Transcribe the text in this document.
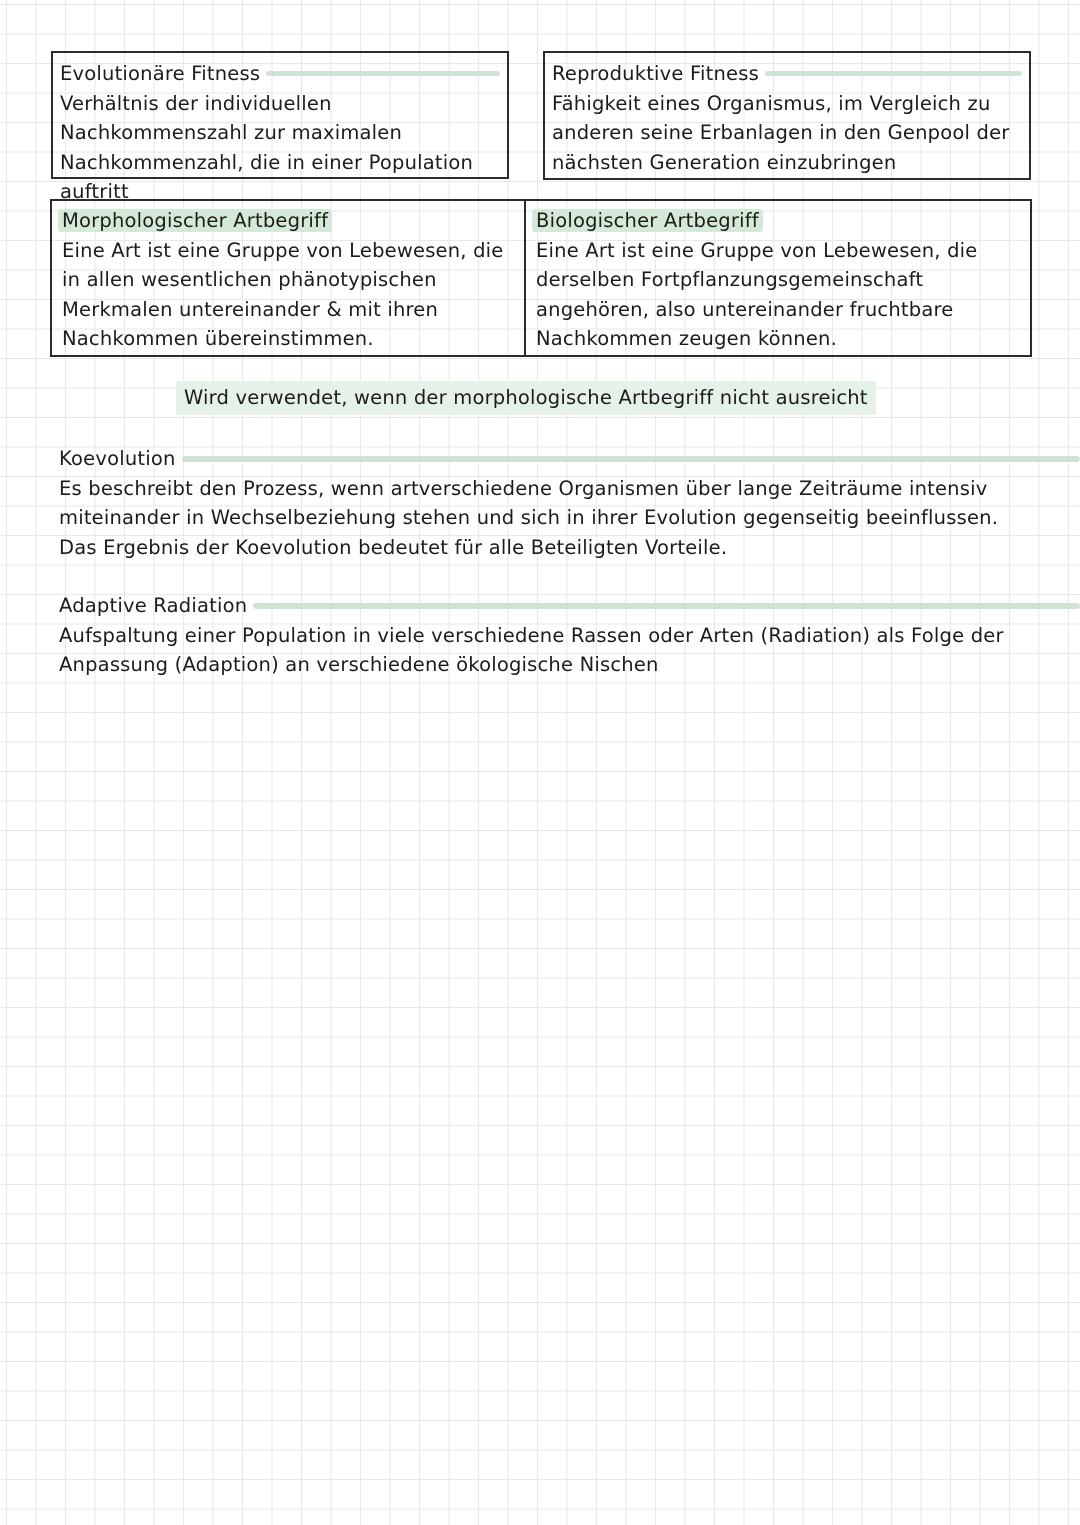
Evolutionäre Fitness
Verhältnis der individuellen Nachkommenszahl zur maximalen Nachkommenzahl, die in einer Population auftritt
Reproduktive Fitness
Fähigkeit eines Organismus, im Vergleich zu anderen seine Erbanlagen in den Genpool der nächsten Generation einzubringen
Morphologischer Artbegriff
Eine Art ist eine Gruppe von Lebewesen, die in allen wesentlichen phänotypischen Merkmalen untereinander & mit ihren Nachkommen übereinstimmen.
Biologischer Artbegriff
Eine Art ist eine Gruppe von Lebewesen, die derselben Fortpflanzungsgemeinschaft angehören, also untereinander fruchtbare Nachkommen zeugen können.
Wird verwendet, wenn der morphologische Artbegriff nicht ausreicht
Koevolution
Es beschreibt den Prozess, wenn artverschiedene Organismen über lange Zeiträume intensiv miteinander in Wechselbeziehung stehen und sich in ihrer Evolution gegenseitig beeinflussen. Das Ergebnis der Koevolution bedeutet für alle Beteiligten Vorteile.
Adaptive Radiation
Aufspaltung einer Population in viele verschiedene Rassen oder Arten (Radiation) als Folge der Anpassung (Adaption) an verschiedene ökologische Nischen
